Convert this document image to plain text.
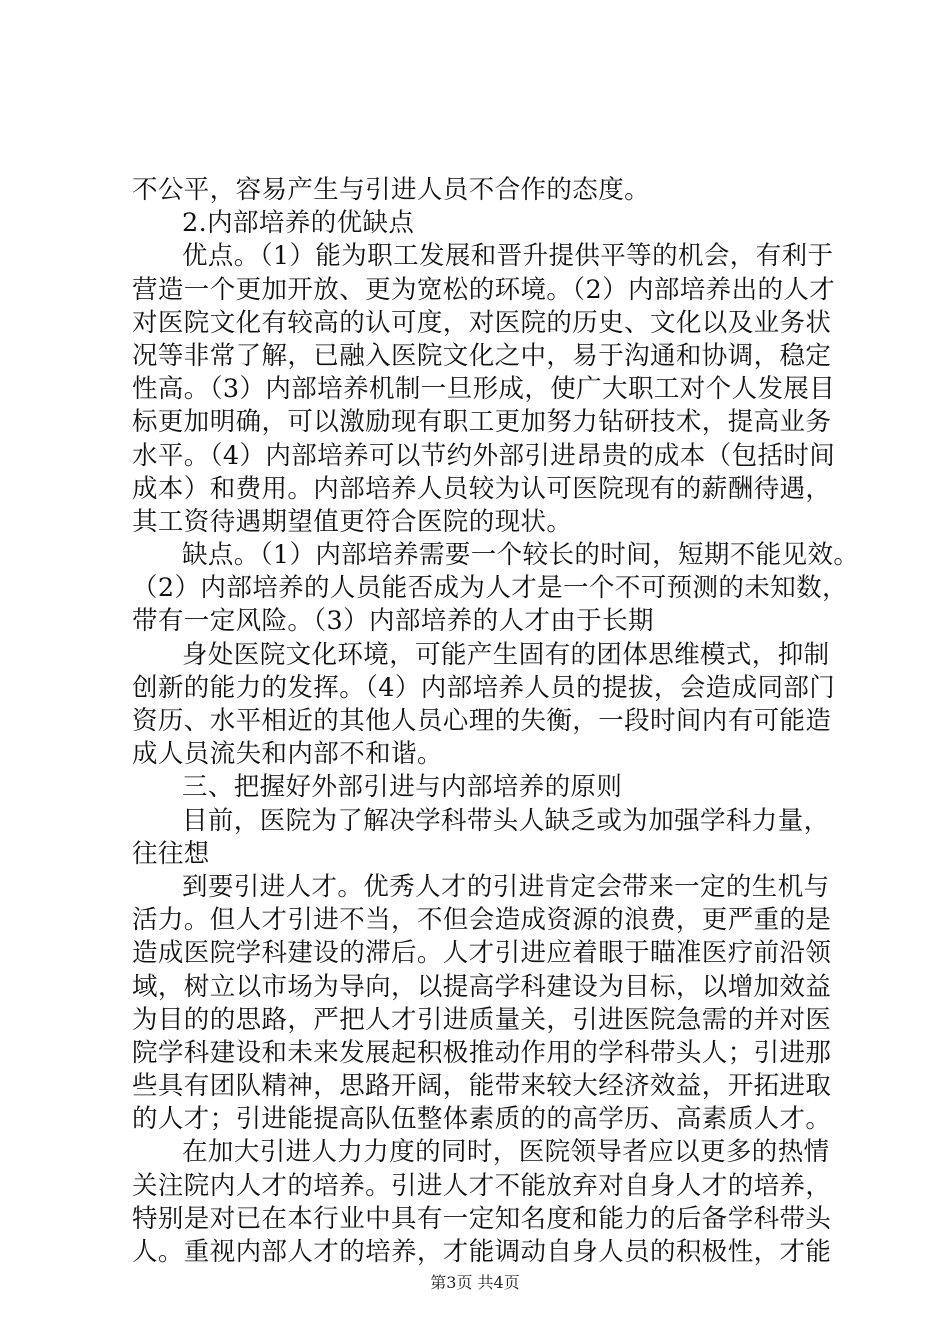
不公平，容易产生与引进人员不合作的态度。
2.内部培养的优缺点
优点。（1）能为职工发展和晋升提供平等的机会，有利于
营造一个更加开放、更为宽松的环境。（2）内部培养出的人才
对医院文化有较高的认可度，对医院的历史、文化以及业务状
况等非常了解，已融入医院文化之中，易于沟通和协调，稳定
性高。（3）内部培养机制一旦形成，使广大职工对个人发展目
标更加明确，可以激励现有职工更加努力钻研技术，提高业务
水平。（4）内部培养可以节约外部引进昂贵的成本（包括时间
成本）和费用。内部培养人员较为认可医院现有的薪酬待遇，
其工资待遇期望值更符合医院的现状。
缺点。（1）内部培养需要一个较长的时间，短期不能见效。
（2）内部培养的人员能否成为人才是一个不可预测的未知数，
带有一定风险。（3）内部培养的人才由于长期
身处医院文化环境，可能产生固有的团体思维模式，抑制
创新的能力的发挥。（4）内部培养人员的提拔，会造成同部门
资历、水平相近的其他人员心理的失衡，一段时间内有可能造
成人员流失和内部不和谐。
三、把握好外部引进与内部培养的原则
目前，医院为了解决学科带头人缺乏或为加强学科力量，
往往想
到要引进人才。优秀人才的引进肯定会带来一定的生机与
活力。但人才引进不当，不但会造成资源的浪费，更严重的是
造成医院学科建设的滞后。人才引进应着眼于瞄准医疗前沿领
域，树立以市场为导向，以提高学科建设为目标，以增加效益
为目的的思路，严把人才引进质量关，引进医院急需的并对医
院学科建设和未来发展起积极推动作用的学科带头人；引进那
些具有团队精神，思路开阔，能带来较大经济效益，开拓进取
的人才；引进能提高队伍整体素质的的高学历、高素质人才。
在加大引进人力力度的同时，医院领导者应以更多的热情
关注院内人才的培养。引进人才不能放弃对自身人才的培养，
特别是对已在本行业中具有一定知名度和能力的后备学科带头
人。重视内部人才的培养，才能调动自身人员的积极性，才能
第3页 共4页
